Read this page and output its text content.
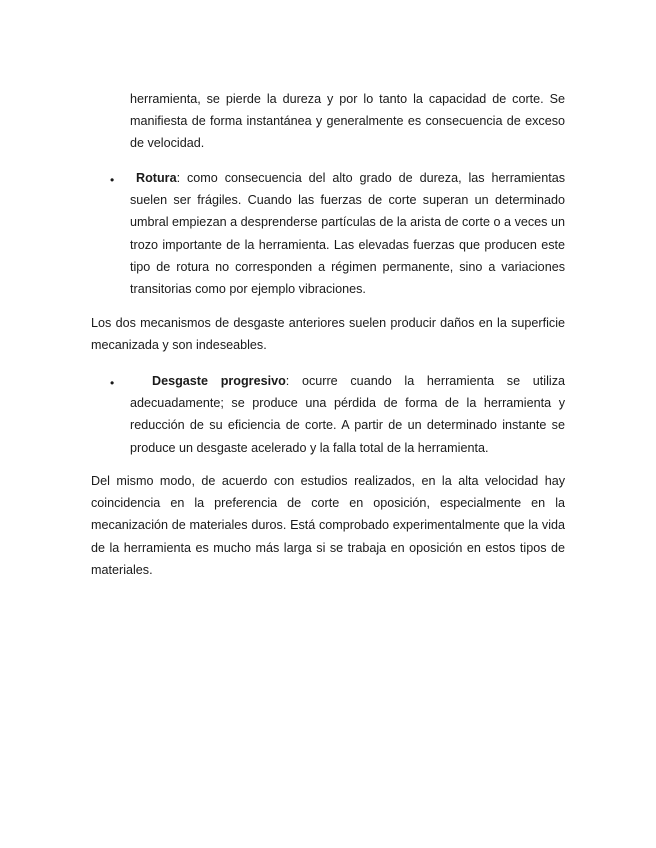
herramienta, se pierde la dureza y por lo tanto la capacidad de corte. Se manifiesta de forma instantánea y generalmente es consecuencia de exceso de velocidad.

•	Rotura: como consecuencia del alto grado de dureza, las herramientas suelen ser frágiles. Cuando las fuerzas de corte superan un determinado umbral empiezan a desprenderse partículas de la arista de corte o a veces un trozo importante de la herramienta. Las elevadas fuerzas que producen este tipo de rotura no corresponden a régimen permanente, sino a variaciones transitorias como por ejemplo vibraciones.

Los dos mecanismos de desgaste anteriores suelen producir daños en la superficie mecanizada y son indeseables.

•	Desgaste progresivo: ocurre cuando la herramienta se utiliza adecuadamente; se produce una pérdida de forma de la herramienta y reducción de su eficiencia de corte. A partir de un determinado instante se produce un desgaste acelerado y la falla total de la herramienta.

Del mismo modo, de acuerdo con estudios realizados, en la alta velocidad hay coincidencia en la preferencia de corte en oposición, especialmente en la mecanización de materiales duros. Está comprobado experimentalmente que la vida de la herramienta es mucho más larga si se trabaja en oposición en estos tipos de materiales.
